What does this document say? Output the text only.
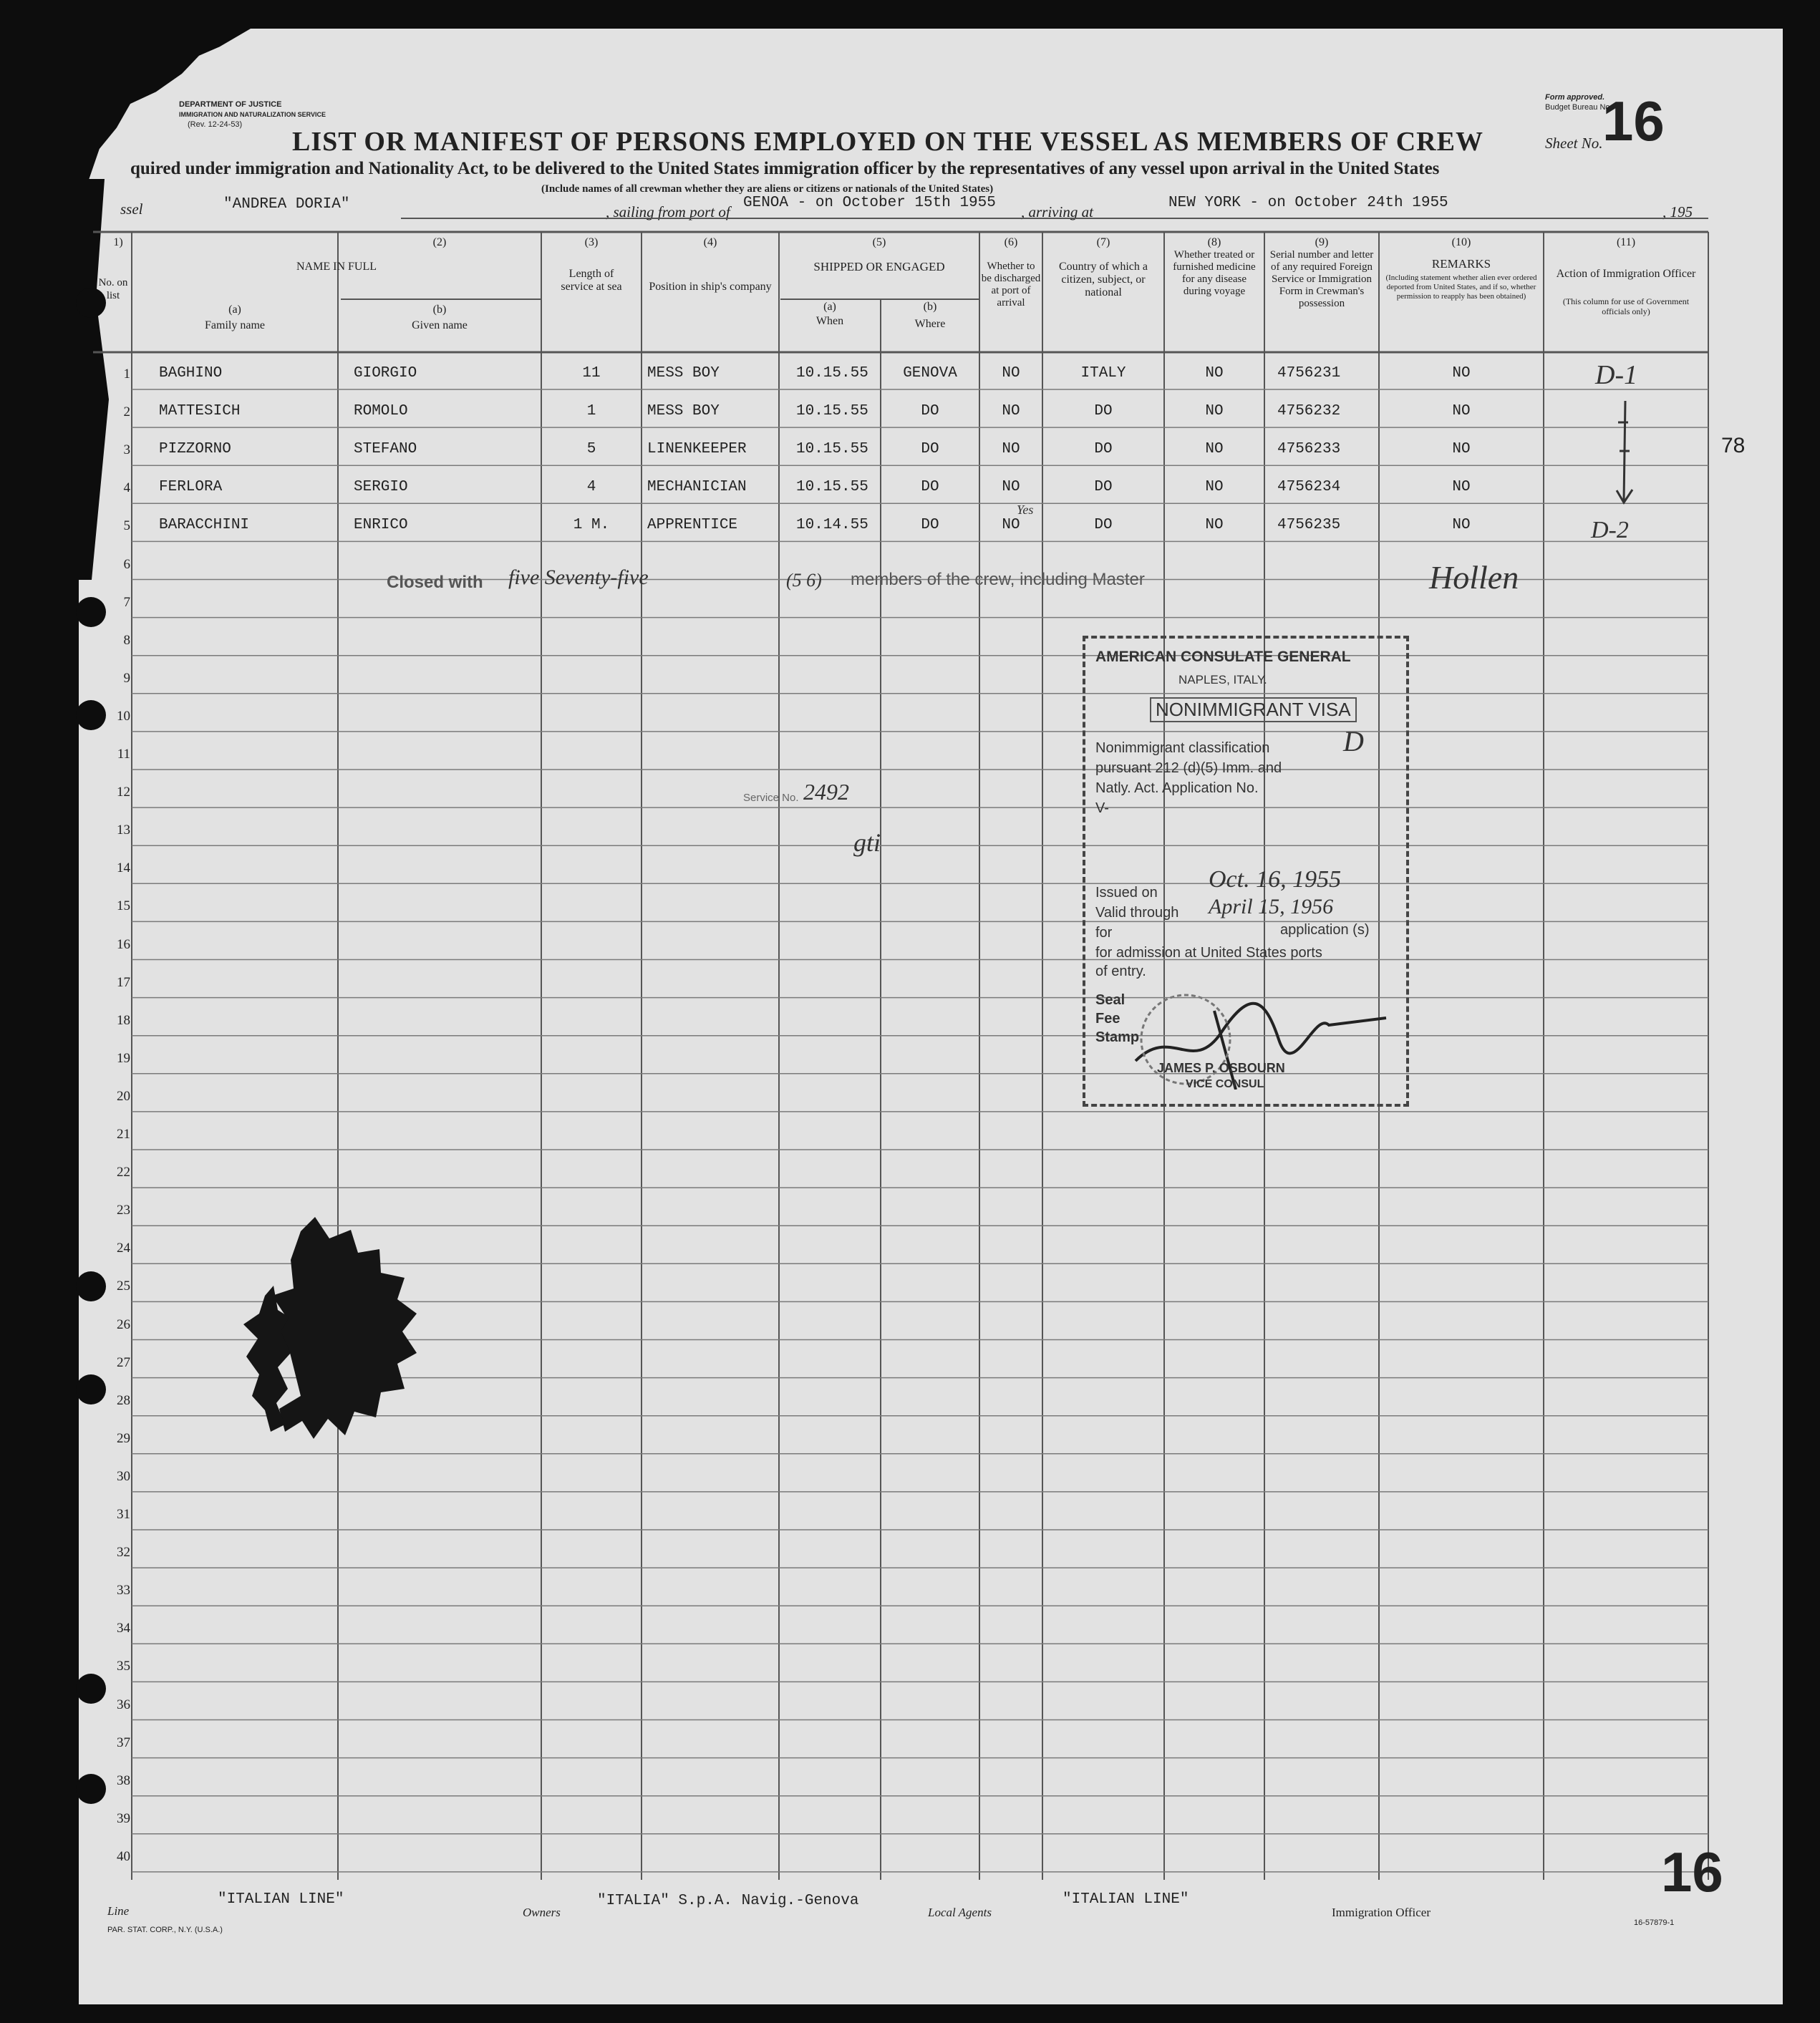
DEPARTMENT OF JUSTICE
IMMIGRATION AND NATURALIZATION SERVICE
(Rev. 12-24-53)
Form approved.
Budget Bureau No.
16
Sheet No.
LIST OR MANIFEST OF PERSONS EMPLOYED ON THE VESSEL AS MEMBERS OF CREW
quired under immigration and Nationality Act, to be delivered to the United States immigration officer by the representatives of any vessel upon arrival in the United States
(Include names of all crewman whether they are aliens or citizens or nationals of the United States)
ssel	"ANDREA DORIA"	, sailing from port of
GENOA - on October 15th 1955
, arriving at
NEW YORK - on October 24th 1955
, 195
1)
No. on list
(2)
NAME IN FULL
(a)
Family name
(b)
Given name
(3)
Length of service at sea
(4)
Position in ship's company
(5)
SHIPPED OR ENGAGED
(a)
When
(b)
Where
(6)
Whether to be discharged at port of arrival
(7)
Country of which a citizen, subject, or national
(8)
Whether treated or furnished medicine for any disease during voyage
(9)
Serial number and letter of any required Foreign Service or Immigration Form in Crewman's possession
(10)
REMARKS
(Including statement whether alien ever ordered deported from United States, and if so, whether permission to reapply has been obtained)
(11)
Action of Immigration Officer
(This column for use of Government officials only)
1
2
3
4
5
6
7
8
9
10
11
12
13
14
15
16
17
18
19
20
21
22
23
24
25
26
27
28
29
30
31
32
33
34
35
36
37
38
39
40
BAGHINO	GIORGIO	11	MESS BOY	10.15.55	GENOVA	NO	ITALY	NO	4756231	NO
MATTESICH	ROMOLO	1	MESS BOY	10.15.55	DO	NO	DO	NO	4756232	NO
PIZZORNO	STEFANO	5	LINENKEEPER	10.15.55	DO	NO	DO	NO	4756233	NO
FERLORA	SERGIO	4	MECHANICIAN	10.15.55	DO	NO	DO	NO	4756234	NO
BARACCHINI	ENRICO	1 M.	APPRENTICE	10.14.55	DO	NO	DO	NO	4756235	NO
Closed with five Seventy-five	(5 6) members of the crew, including Master
D-1
D-2
78
Hollen
Yes
Service No. 2492
gti
AMERICAN CONSULATE GENERAL
NAPLES, ITALY.
NONIMMIGRANT VISA
Nonimmigrant classification	D
pursuant 212 (d)(5) Imm. and
Natly. Act. Application No.
V-
Issued on Oct. 16, 1955
Valid through April 15, 1956
for	application (s)
for admission at United States ports
of entry.
Seal
Fee
Stamp
JAMES P. OSBOURN
VICE CONSUL
Line
"ITALIAN LINE"
Owners
"ITALIA" S.p.A. Navig.-Genova
Local Agents
"ITALIAN LINE"
Immigration Officer
PAR. STAT. CORP., N.Y. (U.S.A.)
16-57879-1
16
